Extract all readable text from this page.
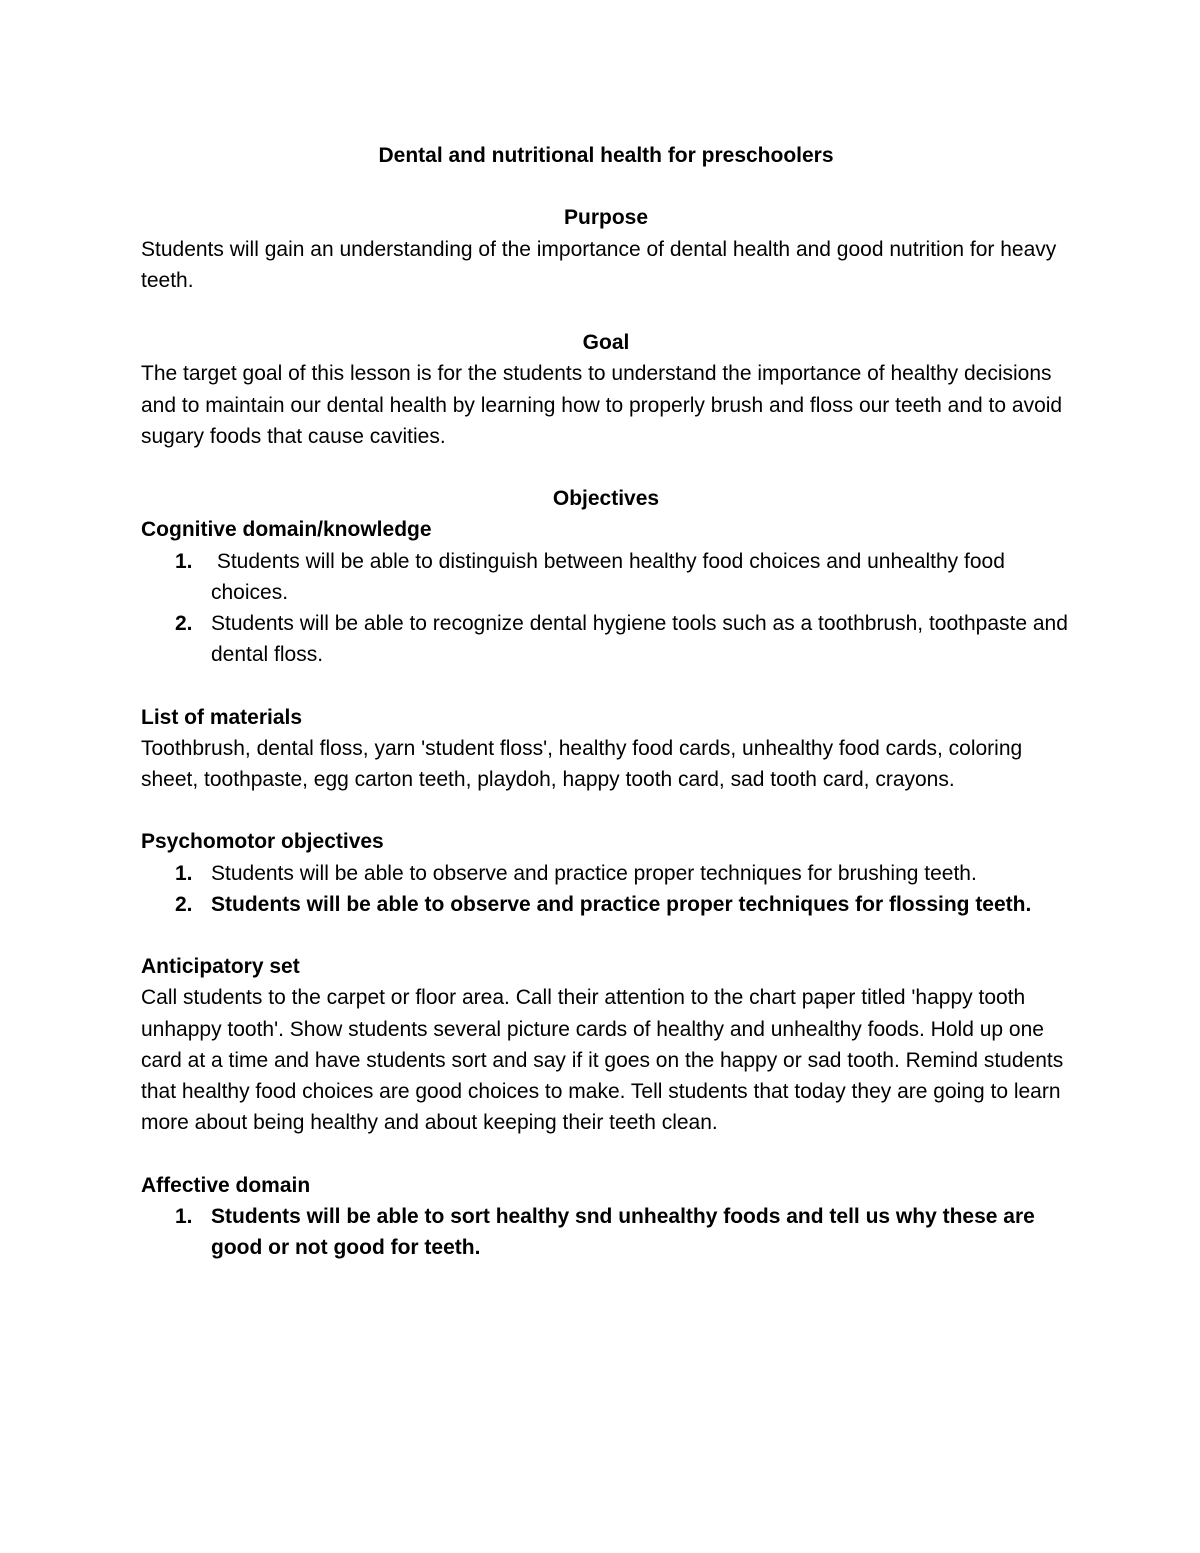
Dental and nutritional health for preschoolers

Purpose

Students will gain an understanding of the importance of dental health and good nutrition for heavy teeth.

Goal

The target goal of this lesson is for the students to understand the importance of healthy decisions and to maintain our dental health by learning how to properly brush and floss our teeth and to avoid sugary foods that cause cavities.

Objectives

Cognitive domain/knowledge

1. Students will be able to distinguish between healthy food choices and unhealthy food choices.
2. Students will be able to recognize dental hygiene tools such as a toothbrush, toothpaste and dental floss.

List of materials

Toothbrush, dental floss, yarn 'student floss', healthy food cards, unhealthy food cards, coloring sheet, toothpaste, egg carton teeth, playdoh, happy tooth card, sad tooth card, crayons.

Psychomotor objectives

1. Students will be able to observe and practice proper techniques for brushing teeth.
2. Students will be able to observe and practice proper techniques for flossing teeth.

Anticipatory set

Call students to the carpet or floor area. Call their attention to the chart paper titled 'happy tooth unhappy tooth'. Show students several picture cards of healthy and unhealthy foods. Hold up one card at a time and have students sort and say if it goes on the happy or sad tooth. Remind students that healthy food choices are good choices to make. Tell students that today they are going to learn more about being healthy and about keeping their teeth clean.

Affective domain

1. Students will be able to sort healthy snd unhealthy foods and tell us why these are good or not good for teeth.
